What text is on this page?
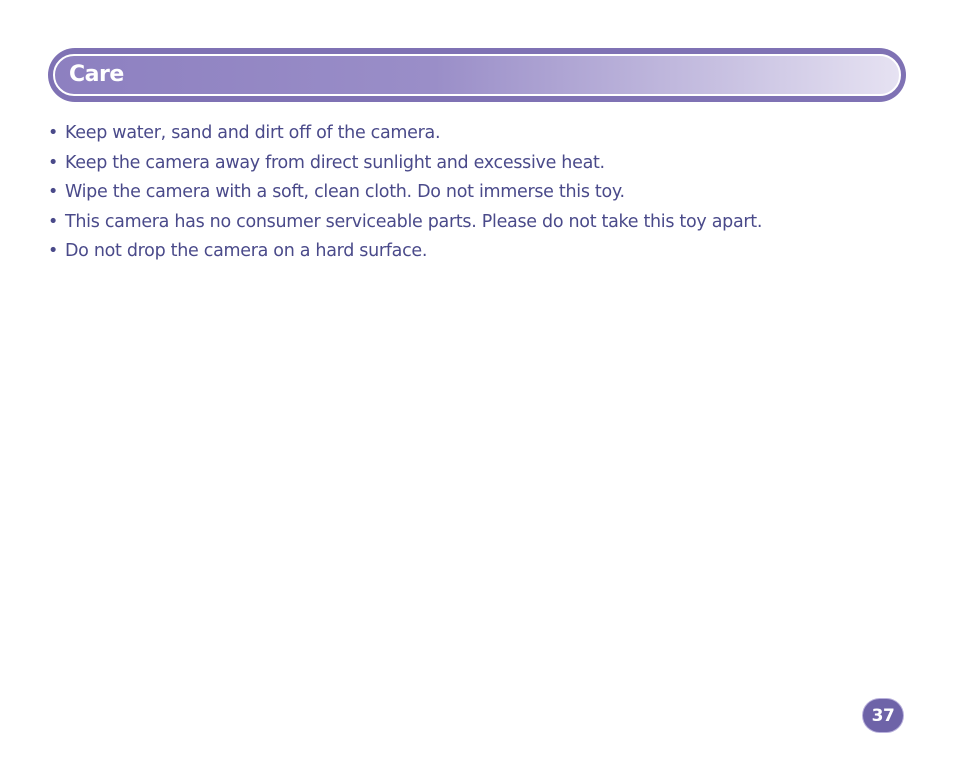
Care
• Keep water, sand and dirt off of the camera.
• Keep the camera away from direct sunlight and excessive heat.
• Wipe the camera with a soft, clean cloth. Do not immerse this toy.
• This camera has no consumer serviceable parts. Please do not take this toy apart.
• Do not drop the camera on a hard surface.
37
